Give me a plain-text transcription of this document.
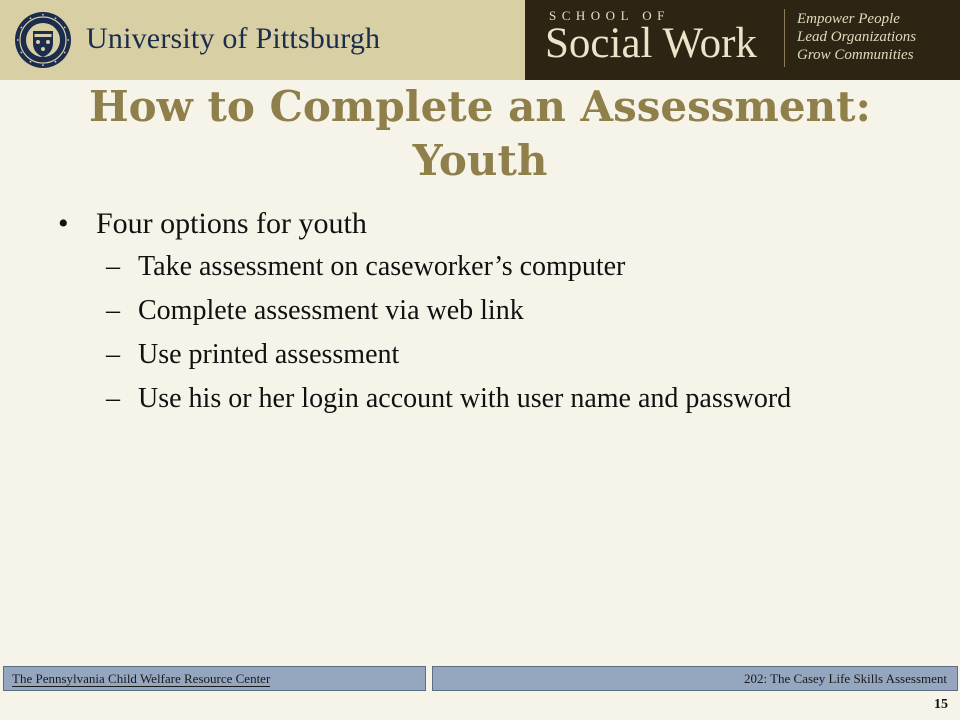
University of Pittsburgh
SCHOOL OF
Social Work
Empower People
Lead Organizations
Grow Communities
How to Complete an Assessment:
Youth
• Four options for youth
– Take assessment on caseworker’s computer
– Complete assessment via web link
– Use printed assessment
– Use his or her login account with user name and password
The Pennsylvania Child Welfare Resource Center	202: The Casey Life Skills Assessment
15
